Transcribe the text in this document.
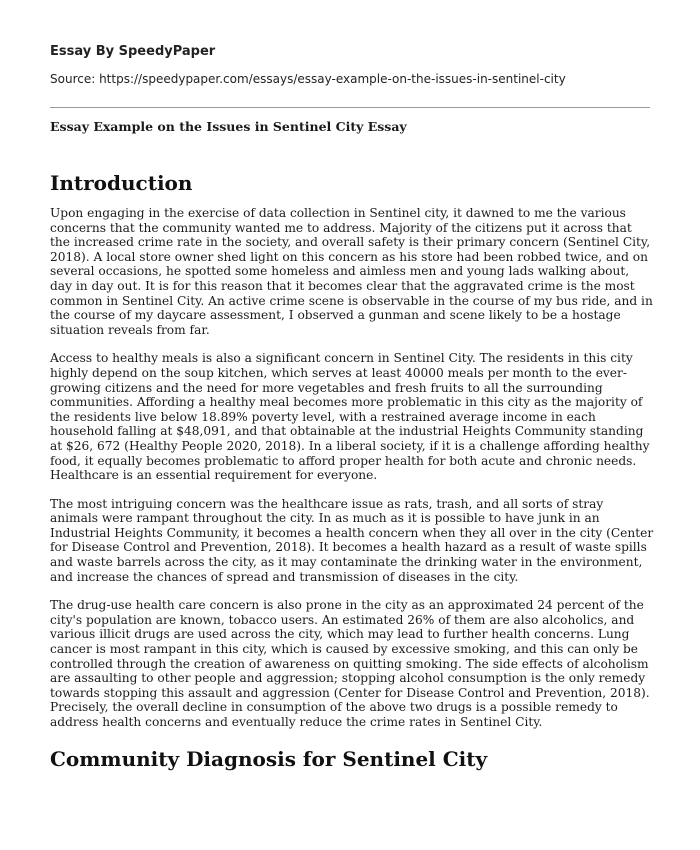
Essay By SpeedyPaper
Source: https://speedypaper.com/essays/essay-example-on-the-issues-in-sentinel-city
Essay Example on the Issues in Sentinel City Essay
Introduction

Upon engaging in the exercise of data collection in Sentinel city, it dawned to me the various concerns that the community wanted me to address. Majority of the citizens put it across that the increased crime rate in the society, and overall safety is their primary concern (Sentinel City, 2018). A local store owner shed light on this concern as his store had been robbed twice, and on several occasions, he spotted some homeless and aimless men and young lads walking about, day in day out. It is for this reason that it becomes clear that the aggravated crime is the most common in Sentinel City. An active crime scene is observable in the course of my bus ride, and in the course of my daycare assessment, I observed a gunman and scene likely to be a hostage situation reveals from far.

Access to healthy meals is also a significant concern in Sentinel City. The residents in this city highly depend on the soup kitchen, which serves at least 40000 meals per month to the ever-growing citizens and the need for more vegetables and fresh fruits to all the surrounding communities. Affording a healthy meal becomes more problematic in this city as the majority of the residents live below 18.89% poverty level, with a restrained average income in each household falling at $48,091, and that obtainable at the industrial Heights Community standing at $26, 672 (Healthy People 2020, 2018). In a liberal society, if it is a challenge affording healthy food, it equally becomes problematic to afford proper health for both acute and chronic needs. Healthcare is an essential requirement for everyone.

The most intriguing concern was the healthcare issue as rats, trash, and all sorts of stray animals were rampant throughout the city. In as much as it is possible to have junk in an Industrial Heights Community, it becomes a health concern when they all over in the city (Center for Disease Control and Prevention, 2018). It becomes a health hazard as a result of waste spills and waste barrels across the city, as it may contaminate the drinking water in the environment, and increase the chances of spread and transmission of diseases in the city.

The drug-use health care concern is also prone in the city as an approximated 24 percent of the city's population are known, tobacco users. An estimated 26% of them are also alcoholics, and various illicit drugs are used across the city, which may lead to further health concerns. Lung cancer is most rampant in this city, which is caused by excessive smoking, and this can only be controlled through the creation of awareness on quitting smoking. The side effects of alcoholism are assaulting to other people and aggression; stopping alcohol consumption is the only remedy towards stopping this assault and aggression (Center for Disease Control and Prevention, 2018). Precisely, the overall decline in consumption of the above two drugs is a possible remedy to address health concerns and eventually reduce the crime rates in Sentinel City.

Community Diagnosis for Sentinel City
